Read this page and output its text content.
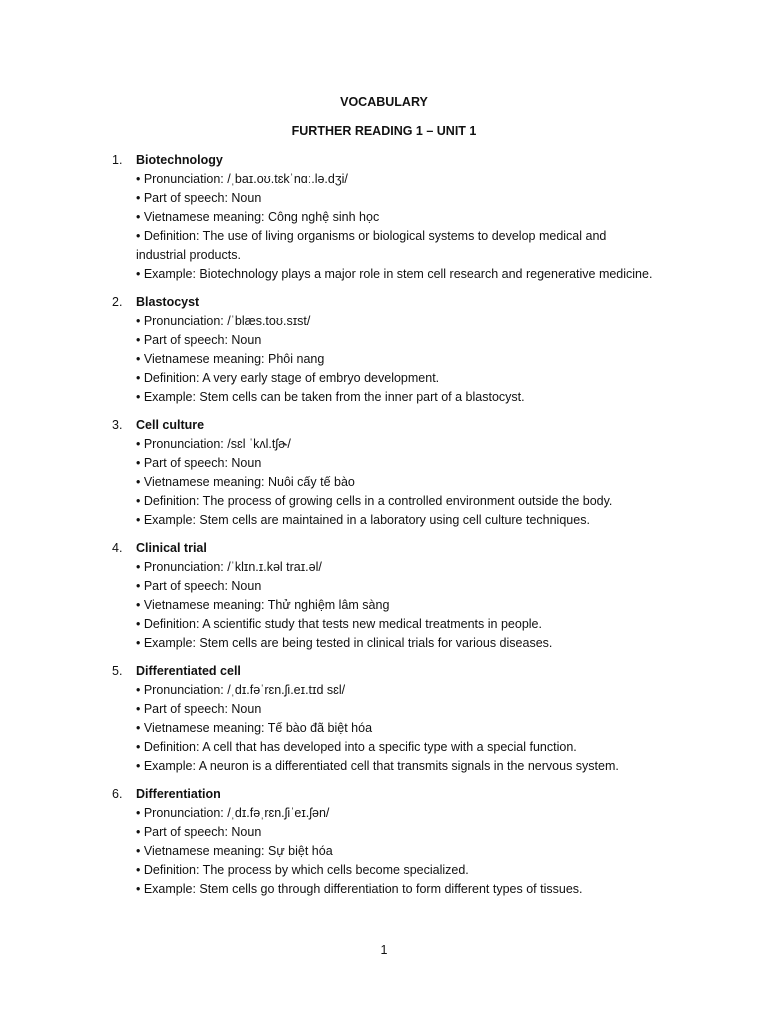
VOCABULARY
FURTHER READING 1 – UNIT 1
1. Biotechnology
• Pronunciation: /ˌbaɪ.oʊ.tɛkˈnɑː.lə.dʒi/
• Part of speech: Noun
• Vietnamese meaning: Công nghệ sinh học
• Definition: The use of living organisms or biological systems to develop medical and industrial products.
• Example: Biotechnology plays a major role in stem cell research and regenerative medicine.
2. Blastocyst
• Pronunciation: /ˈblæs.toʊ.sɪst/
• Part of speech: Noun
• Vietnamese meaning: Phôi nang
• Definition: A very early stage of embryo development.
• Example: Stem cells can be taken from the inner part of a blastocyst.
3. Cell culture
• Pronunciation: /sɛl ˈkʌl.tʃɚ/
• Part of speech: Noun
• Vietnamese meaning: Nuôi cấy tế bào
• Definition: The process of growing cells in a controlled environment outside the body.
• Example: Stem cells are maintained in a laboratory using cell culture techniques.
4. Clinical trial
• Pronunciation: /ˈklɪn.ɪ.kəl traɪ.əl/
• Part of speech: Noun
• Vietnamese meaning: Thử nghiệm lâm sàng
• Definition: A scientific study that tests new medical treatments in people.
• Example: Stem cells are being tested in clinical trials for various diseases.
5. Differentiated cell
• Pronunciation: /ˌdɪ.fəˈrɛn.ʃi.eɪ.tɪd sɛl/
• Part of speech: Noun
• Vietnamese meaning: Tế bào đã biệt hóa
• Definition: A cell that has developed into a specific type with a special function.
• Example: A neuron is a differentiated cell that transmits signals in the nervous system.
6. Differentiation
• Pronunciation: /ˌdɪ.fəˌrɛn.ʃiˈeɪ.ʃən/
• Part of speech: Noun
• Vietnamese meaning: Sự biệt hóa
• Definition: The process by which cells become specialized.
• Example: Stem cells go through differentiation to form different types of tissues.
1
